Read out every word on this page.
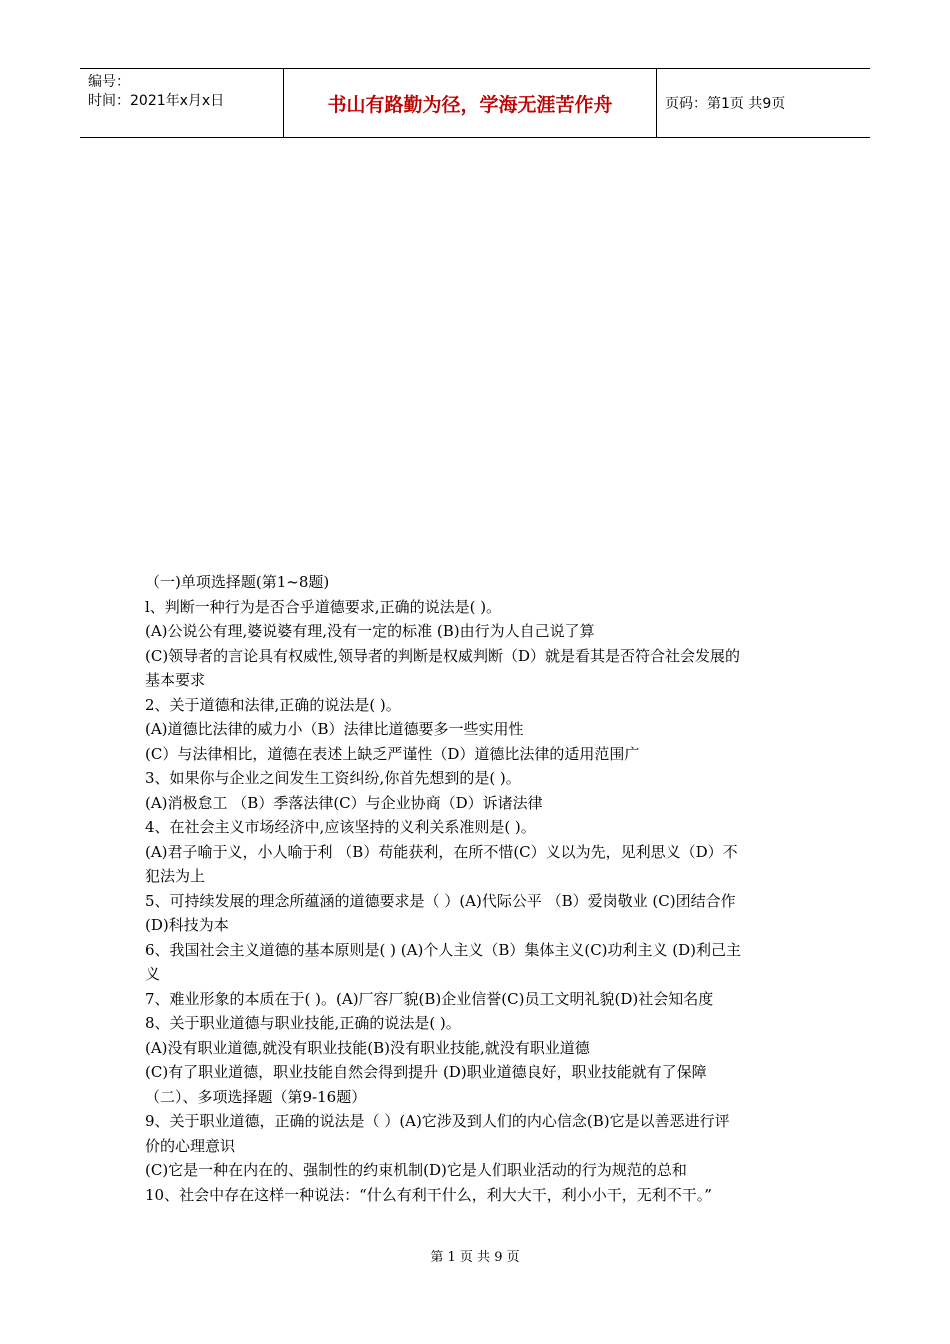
编号：
时间：2021年x月x日	书山有路勤为径，学海无涯苦作舟	页码：第1页 共9页
（一)单项选择题(第1~8题)
l、判断一种行为是否合乎道德要求,正确的说法是( )。
(A)公说公有理,婆说婆有理,没有一定的标准 (B)由行为人自己说了算
(C)领导者的言论具有权威性,领导者的判断是权威判断（D）就是看其是否符合社会发展的
基本要求
2、关于道德和法律,正确的说法是( )。
(A)道德比法律的威力小（B）法律比道德要多一些实用性
(C）与法律相比，道德在表述上缺乏严谨性（D）道德比法律的适用范围广
3、如果你与企业之间发生工资纠纷,你首先想到的是( )。
(A)消极怠工 （B）季落法律(C）与企业协商（D）诉诸法律
4、在社会主义市场经济中,应该坚持的义利关系准则是( )。
(A)君子喻于义，小人喻于利 （B）苟能获利，在所不惜(C）义以为先，见利思义（D）不
犯法为上
5、可持续发展的理念所蕴涵的道德要求是（ ）(A)代际公平 （B）爱岗敬业 (C)团结合作
(D)科技为本
6、我国社会主义道德的基本原则是( ) (A)个人主义（B）集体主义(C)功利主义 (D)利己主
义
7、难业形象的本质在于( )。(A)厂容厂貌(B)企业信誉(C)员工文明礼貌(D)社会知名度
8、关于职业道德与职业技能,正确的说法是( )。
(A)没有职业道德,就没有职业技能(B)没有职业技能,就没有职业道德
(C)有了职业道德，职业技能自然会得到提升 (D)职业道德良好，职业技能就有了保障
（二）、多项选择题（第9-16题）
9、关于职业道德，正确的说法是（ ）(A)它涉及到人们的内心信念(B)它是以善恶进行评
价的心理意识
(C)它是一种在内在的、强制性的约束机制(D)它是人们职业活动的行为规范的总和
10、社会中存在这样一种说法：“什么有利干什么，利大大干，利小小干，无利不干。”
第 1 页 共 9 页
